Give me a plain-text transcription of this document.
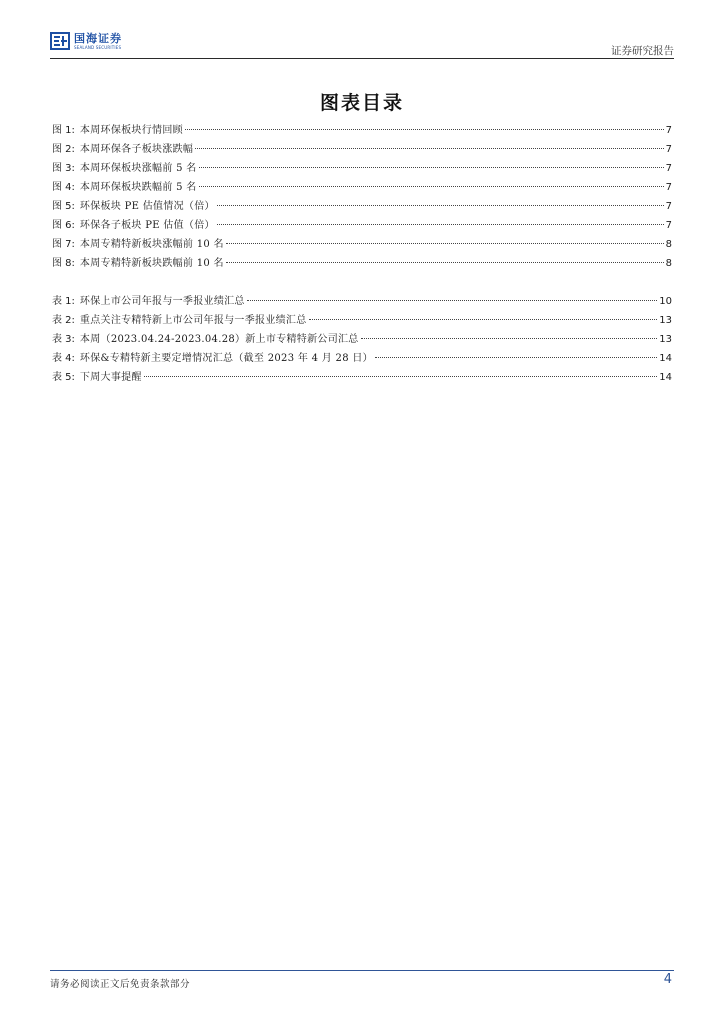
国海证券
SEALAND SECURITIES	证券研究报告
图表目录
图 1: 本周环保板块行情回顾	7
图 2: 本周环保各子板块涨跌幅	7
图 3: 本周环保板块涨幅前 5 名	7
图 4: 本周环保板块跌幅前 5 名	7
图 5: 环保板块 PE 估值情况（倍）	7
图 6: 环保各子板块 PE 估值（倍）	7
图 7: 本周专精特新板块涨幅前 10 名	8
图 8: 本周专精特新板块跌幅前 10 名	8
表 1: 环保上市公司年报与一季报业绩汇总	10
表 2: 重点关注专精特新上市公司年报与一季报业绩汇总	13
表 3: 本周（2023.04.24-2023.04.28）新上市专精特新公司汇总	13
表 4: 环保&专精特新主要定增情况汇总（截至 2023 年 4 月 28 日）	14
表 5: 下周大事提醒	14
请务必阅读正文后免责条款部分	4
